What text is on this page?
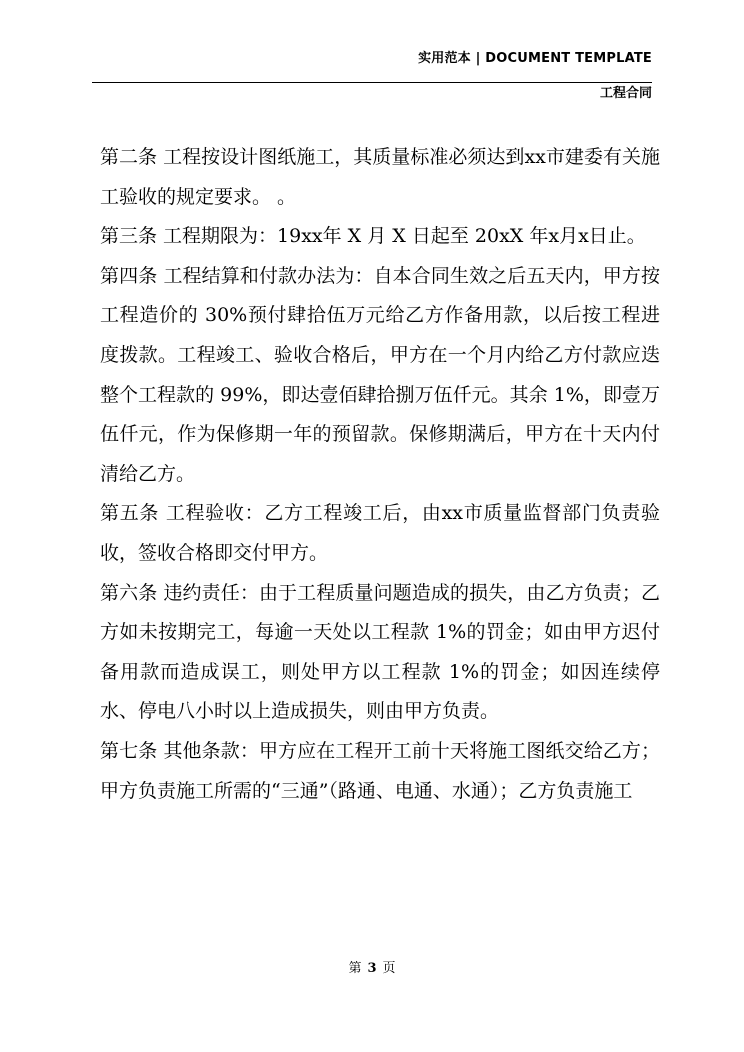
实用范本 | DOCUMENT TEMPLATE
工程合同

第二条 工程按设计图纸施工，其质量标准必须达到xx市建委有关施工验收的规定要求。 。

第三条 工程期限为：19xx年 X 月 X 日起至 20xX 年x月x日止。

第四条 工程结算和付款办法为：自本合同生效之后五天内，甲方按工程造价的 30%预付肆拾伍万元给乙方作备用款，以后按工程进度拨款。工程竣工、验收合格后，甲方在一个月内给乙方付款应迭整个工程款的 99%，即达壹佰肆拾捌万伍仟元。其余 1%，即壹万伍仟元，作为保修期一年的预留款。保修期满后，甲方在十天内付清给乙方。

第五条 工程验收：乙方工程竣工后，由xx市质量监督部门负责验收，签收合格即交付甲方。

第六条 违约责任：由于工程质量问题造成的损失，由乙方负责；乙方如未按期完工，每逾一天处以工程款 1%的罚金；如由甲方迟付备用款而造成误工，则处甲方以工程款 1%的罚金；如因连续停水、停电八小时以上造成损失，则由甲方负责。

第七条 其他条款：甲方应在工程开工前十天将施工图纸交给乙方；甲方负责施工所需的“三通”（路通、电通、水通）；乙方负责施工

第 3 页
